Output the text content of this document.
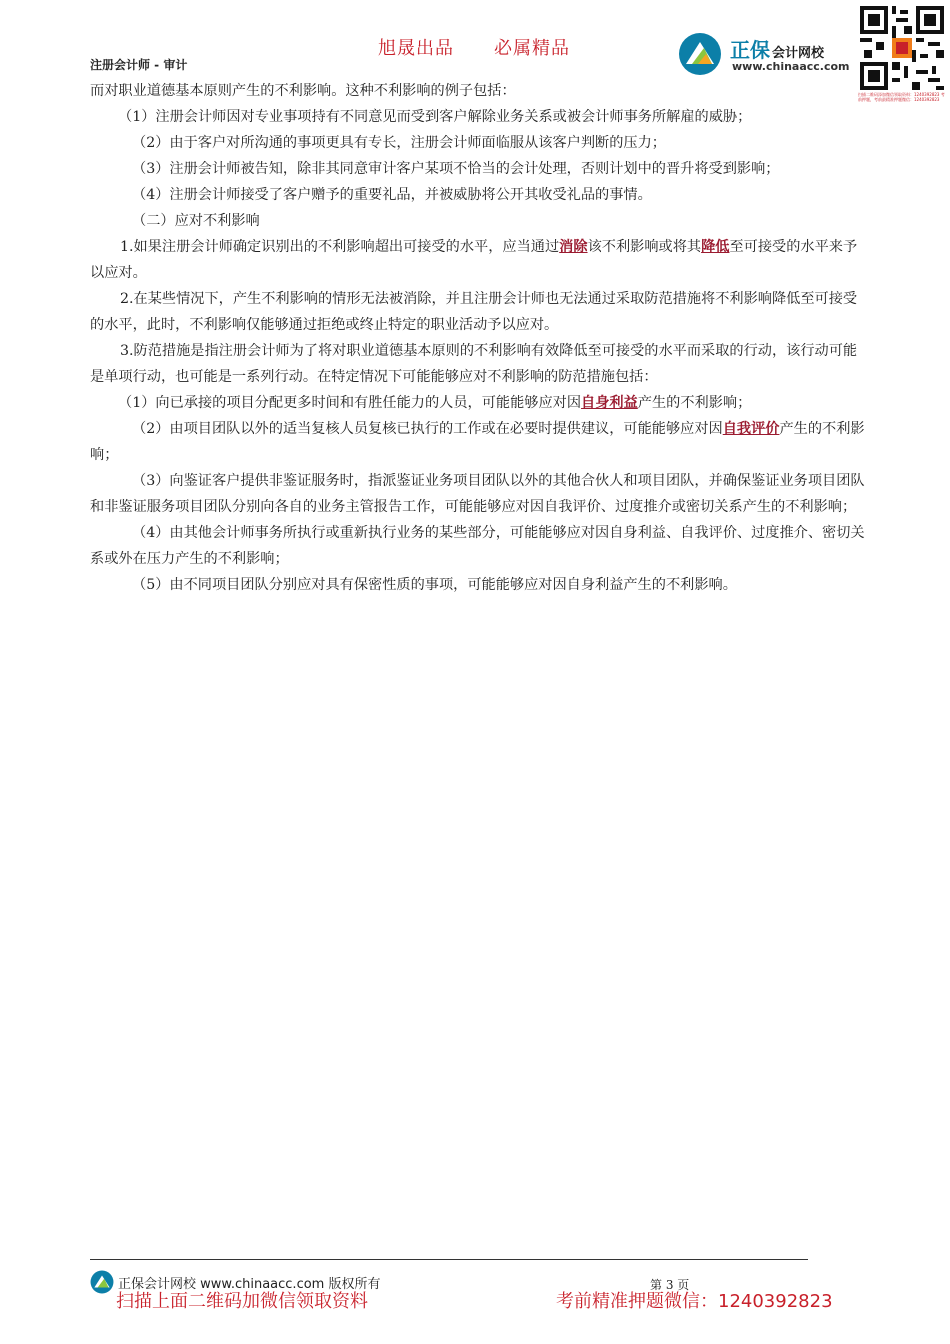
旭晟出品 必属精品
注册会计师 - 审计
正保 会计网校
www.chinaacc.com
扫描二维码添加微信领取资料：1240392823 考前押题，考前最精准押题微信：1240392823

而对职业道德基本原则产生的不利影响。这种不利影响的例子包括：

（1）注册会计师因对专业事项持有不同意见而受到客户解除业务关系或被会计师事务所解雇的威胁；

（2）由于客户对所沟通的事项更具有专长，注册会计师面临服从该客户判断的压力；

（3）注册会计师被告知，除非其同意审计客户某项不恰当的会计处理，否则计划中的晋升将受到影响；

（4）注册会计师接受了客户赠予的重要礼品，并被威胁将公开其收受礼品的事情。

（二）应对不利影响

1.如果注册会计师确定识别出的不利影响超出可接受的水平，应当通过消除该不利影响或将其降低至可接受的水平来予以应对。

2.在某些情况下，产生不利影响的情形无法被消除，并且注册会计师也无法通过采取防范措施将不利影响降低至可接受的水平，此时，不利影响仅能够通过拒绝或终止特定的职业活动予以应对。

3.防范措施是指注册会计师为了将对职业道德基本原则的不利影响有效降低至可接受的水平而采取的行动，该行动可能是单项行动，也可能是一系列行动。在特定情况下可能能够应对不利影响的防范措施包括：

（1）向已承接的项目分配更多时间和有胜任能力的人员，可能能够应对因自身利益产生的不利影响；

（2）由项目团队以外的适当复核人员复核已执行的工作或在必要时提供建议，可能能够应对因自我评价产生的不利影响；

（3）向鉴证客户提供非鉴证服务时，指派鉴证业务项目团队以外的其他合伙人和项目团队，并确保鉴证业务项目团队和非鉴证服务项目团队分别向各自的业务主管报告工作，可能能够应对因自我评价、过度推介或密切关系产生的不利影响；

（4）由其他会计师事务所执行或重新执行业务的某些部分，可能能够应对因自身利益、自我评价、过度推介、密切关系或外在压力产生的不利影响；

（5）由不同项目团队分别应对具有保密性质的事项，可能能够应对因自身利益产生的不利影响。

正保会计网校 www.chinaacc.com 版权所有	第 3 页
扫描上面二维码加微信领取资料	考前精准押题微信：1240392823
